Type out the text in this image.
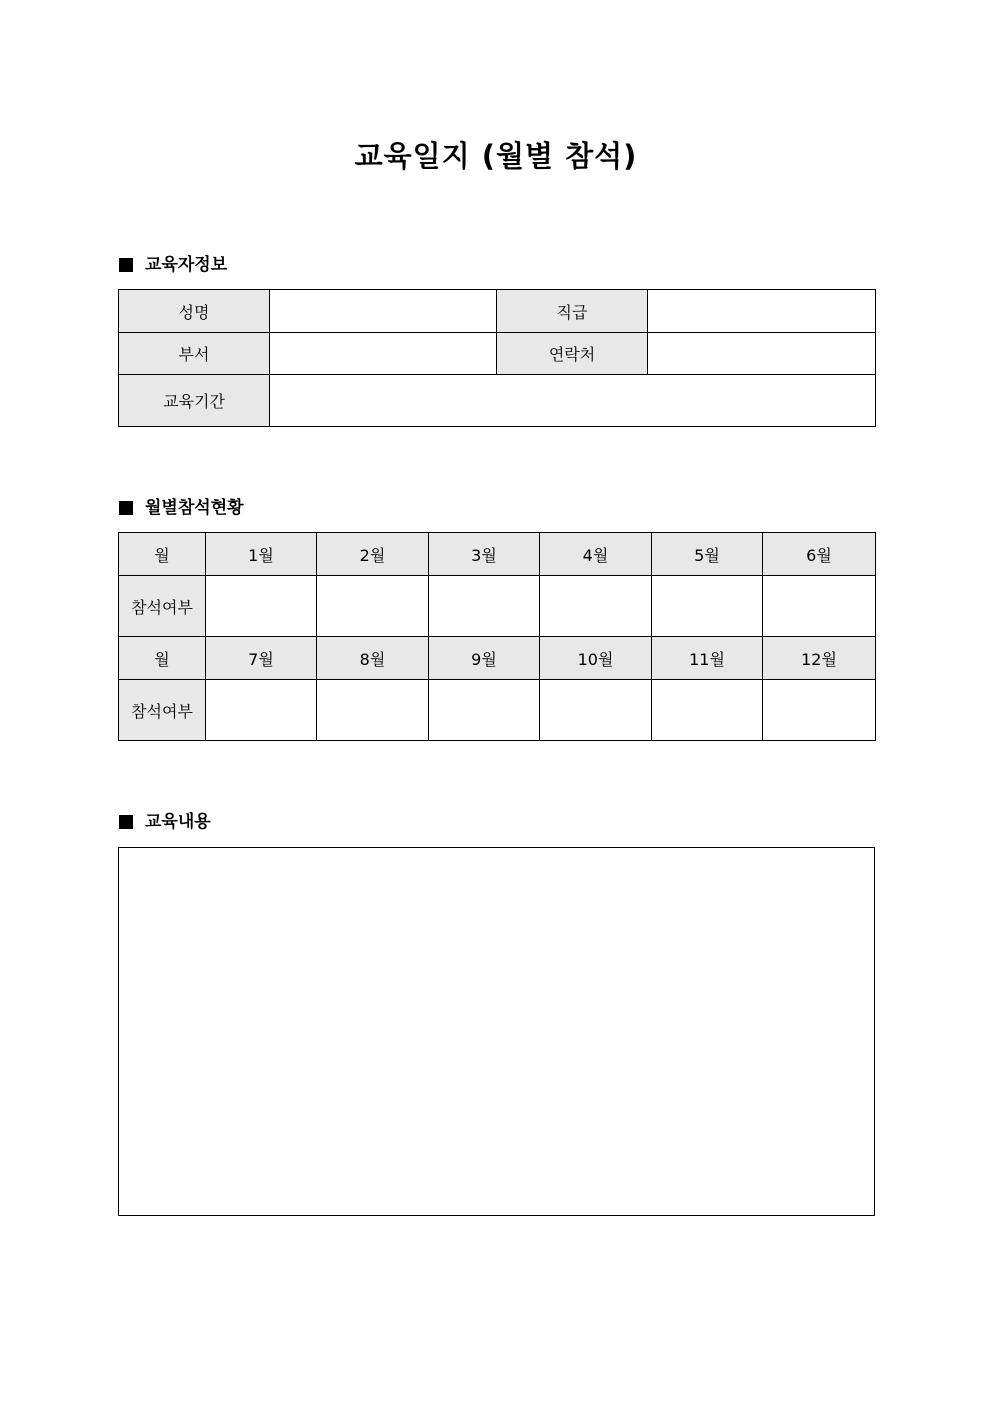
교육일지 (월별 참석)
교육자정보
성명		직급	
부서		연락처	
교육기간			
월별참석현황
월	1월	2월	3월	4월	5월	6월
참석여부						
월	7월	8월	9월	10월	11월	12월
참석여부						
교육내용
